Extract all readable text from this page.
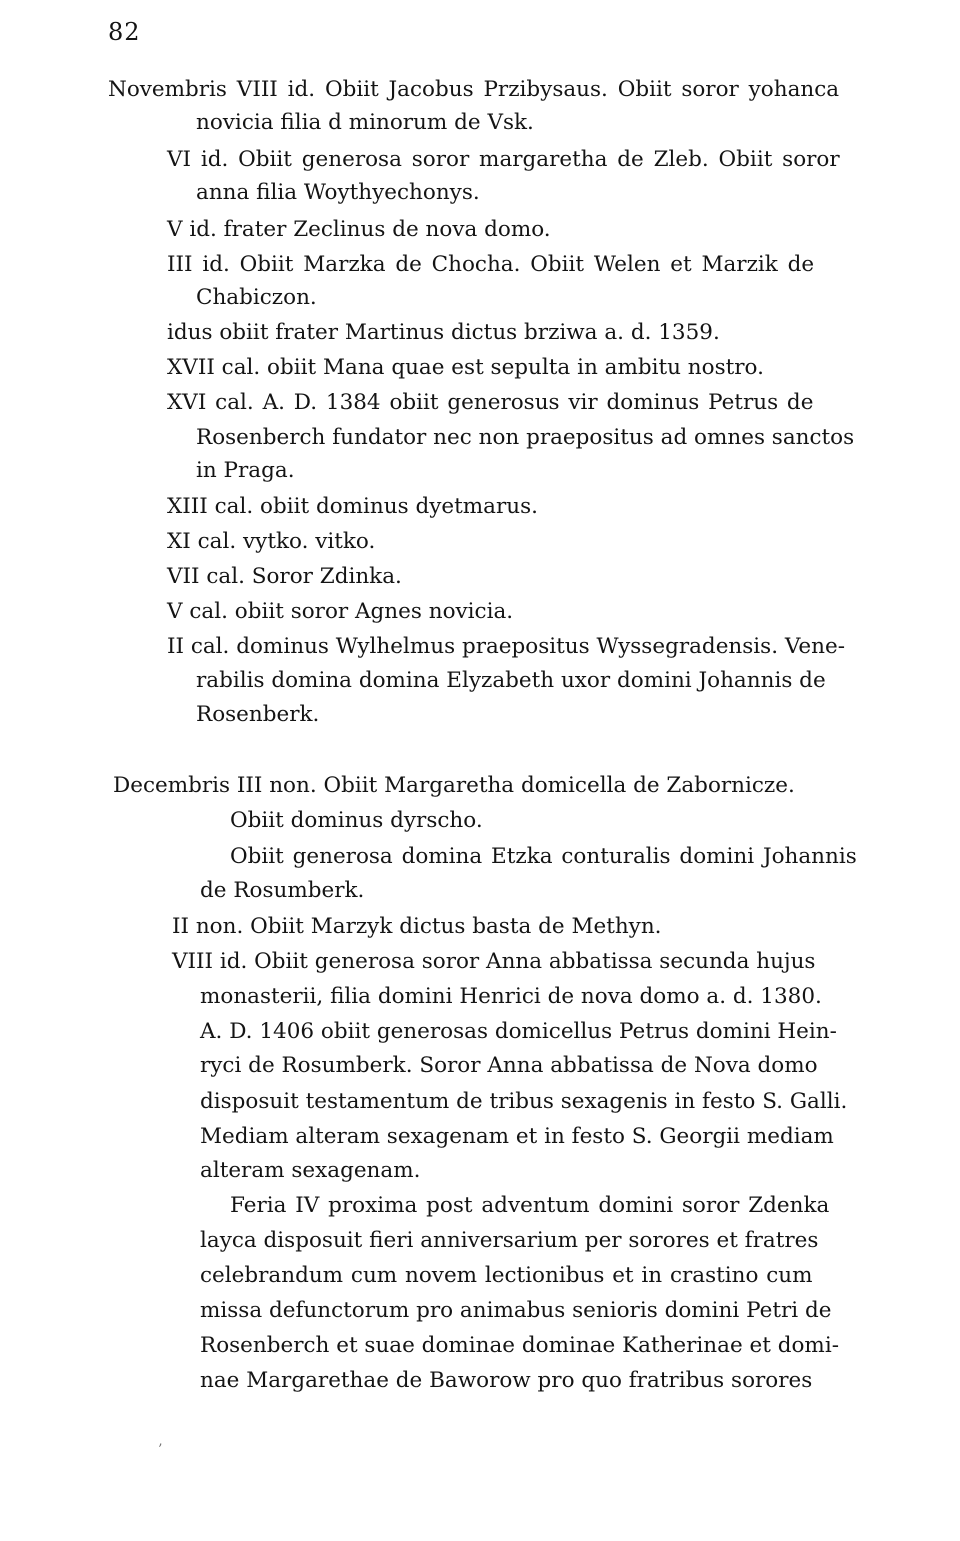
82
Novembris VIII id. Obiit Jacobus Przibysaus. Obiit soror yohanca
novicia filia d minorum de Vsk.
VI id. Obiit generosa soror margaretha de Zleb. Obiit soror
anna filia Woythyechonys.
V id. frater Zeclinus de nova domo.
III id. Obiit Marzka de Chocha. Obiit Welen et Marzik de
Chabiczon.
idus obiit frater Martinus dictus brziwa a. d. 1359.
XVII cal. obiit Mana quae est sepulta in ambitu nostro.
XVI cal. A. D. 1384 obiit generosus vir dominus Petrus de
Rosenberch fundator nec non praepositus ad omnes sanctos
in Praga.
XIII cal. obiit dominus dyetmarus.
XI cal. vytko. vitko.
VII cal. Soror Zdinka.
V cal. obiit soror Agnes novicia.
II cal. dominus Wylhelmus praepositus Wyssegradensis. Vene-
rabilis domina domina Elyzabeth uxor domini Johannis de
Rosenberk.
Decembris III non. Obiit Margaretha domicella de Zabornicze.
Obiit dominus dyrscho.
Obiit generosa domina Etzka conturalis domini Johannis
de Rosumberk.
II non. Obiit Marzyk dictus basta de Methyn.
VIII id. Obiit generosa soror Anna abbatissa secunda hujus
monasterii, filia domini Henrici de nova domo a. d. 1380.
A. D. 1406 obiit generosas domicellus Petrus domini Hein-
ryci de Rosumberk. Soror Anna abbatissa de Nova domo
disposuit testamentum de tribus sexagenis in festo S. Galli.
Mediam alteram sexagenam et in festo S. Georgii mediam
alteram sexagenam.
Feria IV proxima post adventum domini soror Zdenka
layca disposuit fieri anniversarium per sorores et fratres
celebrandum cum novem lectionibus et in crastino cum
missa defunctorum pro animabus senioris domini Petri de
Rosenberch et suae dominae dominae Katherinae et domi-
nae Margarethae de Baworow pro quo fratribus sorores
’
